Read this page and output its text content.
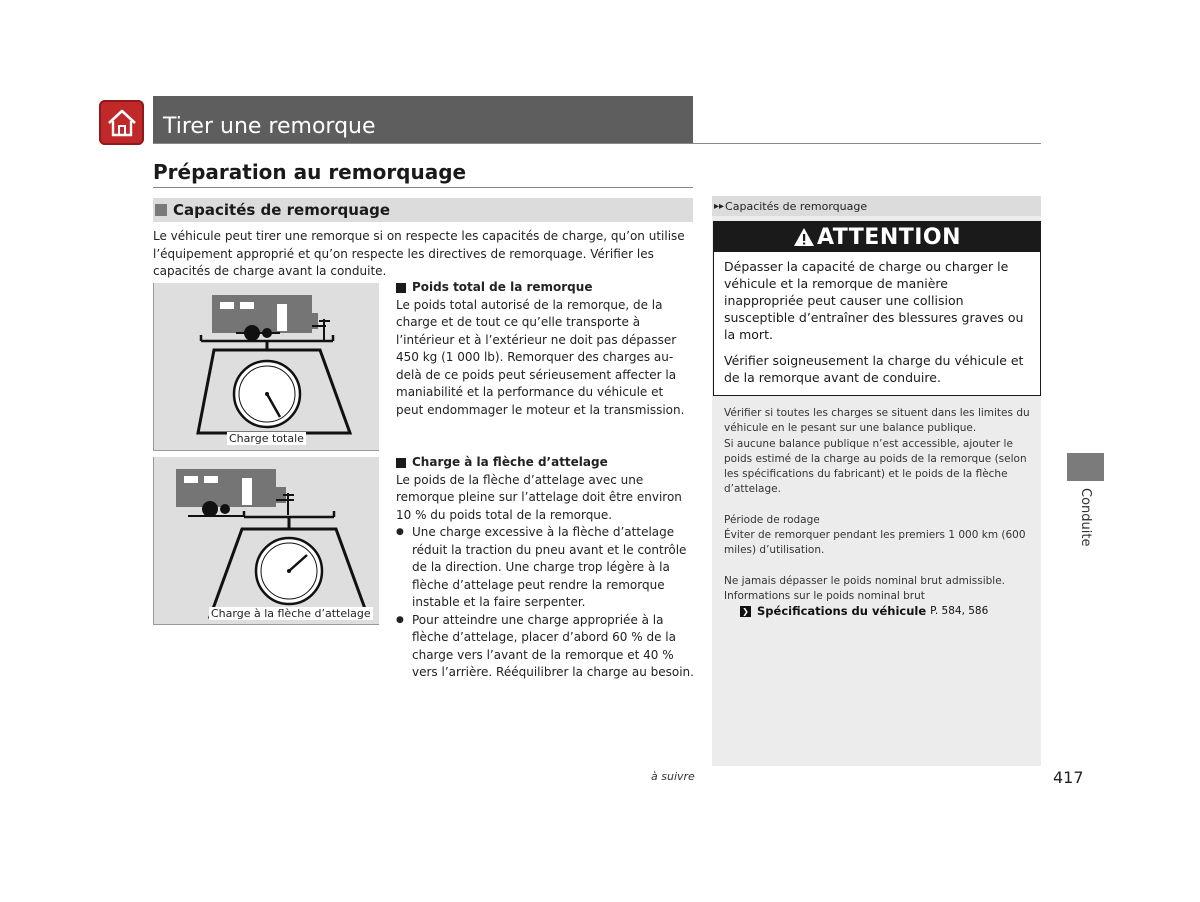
Tirer une remorque
Préparation au remorquage
Capacités de remorquage
Le véhicule peut tirer une remorque si on respecte les capacités de charge, qu’on utilise l’équipement approprié et qu’on respecte les directives de remorquage. Vérifier les capacités de charge avant la conduite.
Charge totale
Charge à la flèche d’attelage
Poids total de la remorque
Le poids total autorisé de la remorque, de la charge et de tout ce qu’elle transporte à l’intérieur et à l’extérieur ne doit pas dépasser 450 kg (1 000 lb). Remorquer des charges au-delà de ce poids peut sérieusement affecter la maniabilité et la performance du véhicule et peut endommager le moteur et la transmission.
Charge à la flèche d’attelage
Le poids de la flèche d’attelage avec une remorque pleine sur l’attelage doit être environ 10 % du poids total de la remorque.
● Une charge excessive à la flèche d’attelage réduit la traction du pneu avant et le contrôle de la direction. Une charge trop légère à la flèche d’attelage peut rendre la remorque instable et la faire serpenter.
● Pour atteindre une charge appropriée à la flèche d’attelage, placer d’abord 60 % de la charge vers l’avant de la remorque et 40 % vers l’arrière. Rééquilibrer la charge au besoin.
▸▸ Capacités de remorquage
ATTENTION

Dépasser la capacité de charge ou charger le véhicule et la remorque de manière inappropriée peut causer une collision susceptible d’entraîner des blessures graves ou la mort.

Vérifier soigneusement la charge du véhicule et de la remorque avant de conduire.

Vérifier si toutes les charges se situent dans les limites du véhicule en le pesant sur une balance publique.
Si aucune balance publique n’est accessible, ajouter le poids estimé de la charge au poids de la remorque (selon les spécifications du fabricant) et le poids de la flèche d’attelage.
Période de rodage
Éviter de remorquer pendant les premiers 1 000 km (600 miles) d’utilisation.
Ne jamais dépasser le poids nominal brut admissible.
Informations sur le poids nominal brut
❯ Spécifications du véhicule P. 584, 586
Conduite
à suivre	417
